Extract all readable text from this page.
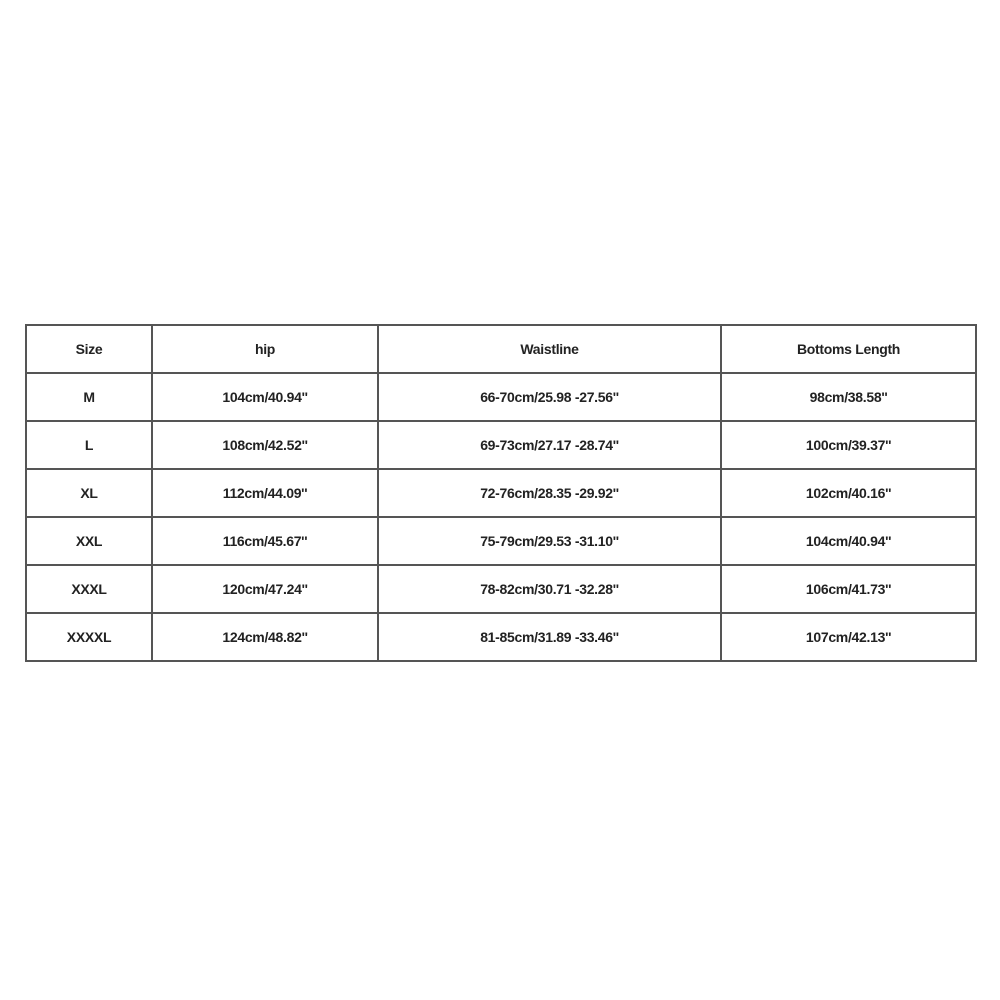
Size	hip	Waistline	Bottoms Length
M	104cm/40.94''	66-70cm/25.98 -27.56''	98cm/38.58''
L	108cm/42.52''	69-73cm/27.17 -28.74''	100cm/39.37''
XL	112cm/44.09''	72-76cm/28.35 -29.92''	102cm/40.16''
XXL	116cm/45.67''	75-79cm/29.53 -31.10''	104cm/40.94''
XXXL	120cm/47.24''	78-82cm/30.71 -32.28''	106cm/41.73''
XXXXL	124cm/48.82''	81-85cm/31.89 -33.46''	107cm/42.13''
